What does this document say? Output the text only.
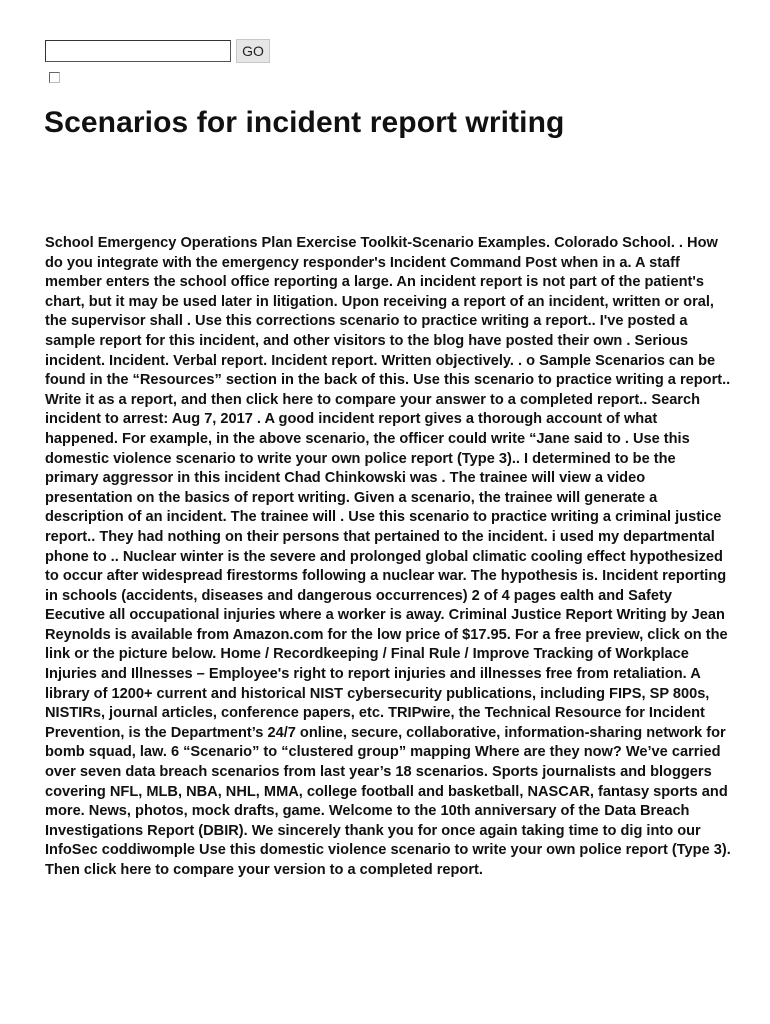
GO
Scenarios for incident report writing

School Emergency Operations Plan Exercise Toolkit-Scenario Examples. Colorado School. . How do you integrate with the emergency responder's Incident Command Post when in a. A staff member enters the school office reporting a large. An incident report is not part of the patient's chart, but it may be used later in litigation. Upon receiving a report of an incident, written or oral, the supervisor shall . Use this corrections scenario to practice writing a report.. I've posted a sample report for this incident, and other visitors to the blog have posted their own . Serious incident. Incident. Verbal report. Incident report. Written objectively. . o Sample Scenarios can be found in the “Resources” section in the back of this. Use this scenario to practice writing a report.. Write it as a report, and then click here to compare your answer to a completed report.. Search incident to arrest: Aug 7, 2017 . A good incident report gives a thorough account of what happened. For example, in the above scenario, the officer could write “Jane said to . Use this domestic violence scenario to write your own police report (Type 3).. I determined to be the primary aggressor in this incident Chad Chinkowski was . The trainee will view a video presentation on the basics of report writing. Given a scenario, the trainee will generate a description of an incident. The trainee will . Use this scenario to practice writing a criminal justice report.. They had nothing on their persons that pertained to the incident. i used my departmental phone to .. Nuclear winter is the severe and prolonged global climatic cooling effect hypothesized to occur after widespread firestorms following a nuclear war. The hypothesis is. Incident reporting in schools (accidents, diseases and dangerous occurrences) 2 of 4 pages ealth and Safety Eecutive all occupational injuries where a worker is away. Criminal Justice Report Writing by Jean Reynolds is available from Amazon.com for the low price of $17.95. For a free preview, click on the link or the picture below. Home / Recordkeeping / Final Rule / Improve Tracking of Workplace Injuries and Illnesses – Employee's right to report injuries and illnesses free from retaliation. A library of 1200+ current and historical NIST cybersecurity publications, including FIPS, SP 800s, NISTIRs, journal articles, conference papers, etc. TRIPwire, the Technical Resource for Incident Prevention, is the Department’s 24/7 online, secure, collaborative, information-sharing network for bomb squad, law. 6 “Scenario” to “clustered group” mapping Where are they now? We’ve carried over seven data breach scenarios from last year’s 18 scenarios. Sports journalists and bloggers covering NFL, MLB, NBA, NHL, MMA, college football and basketball, NASCAR, fantasy sports and more. News, photos, mock drafts, game. Welcome to the 10th anniversary of the Data Breach Investigations Report (DBIR). We sincerely thank you for once again taking time to dig into our InfoSec coddiwomple Use this domestic violence scenario to write your own police report (Type 3). Then click here to compare your version to a completed report.
